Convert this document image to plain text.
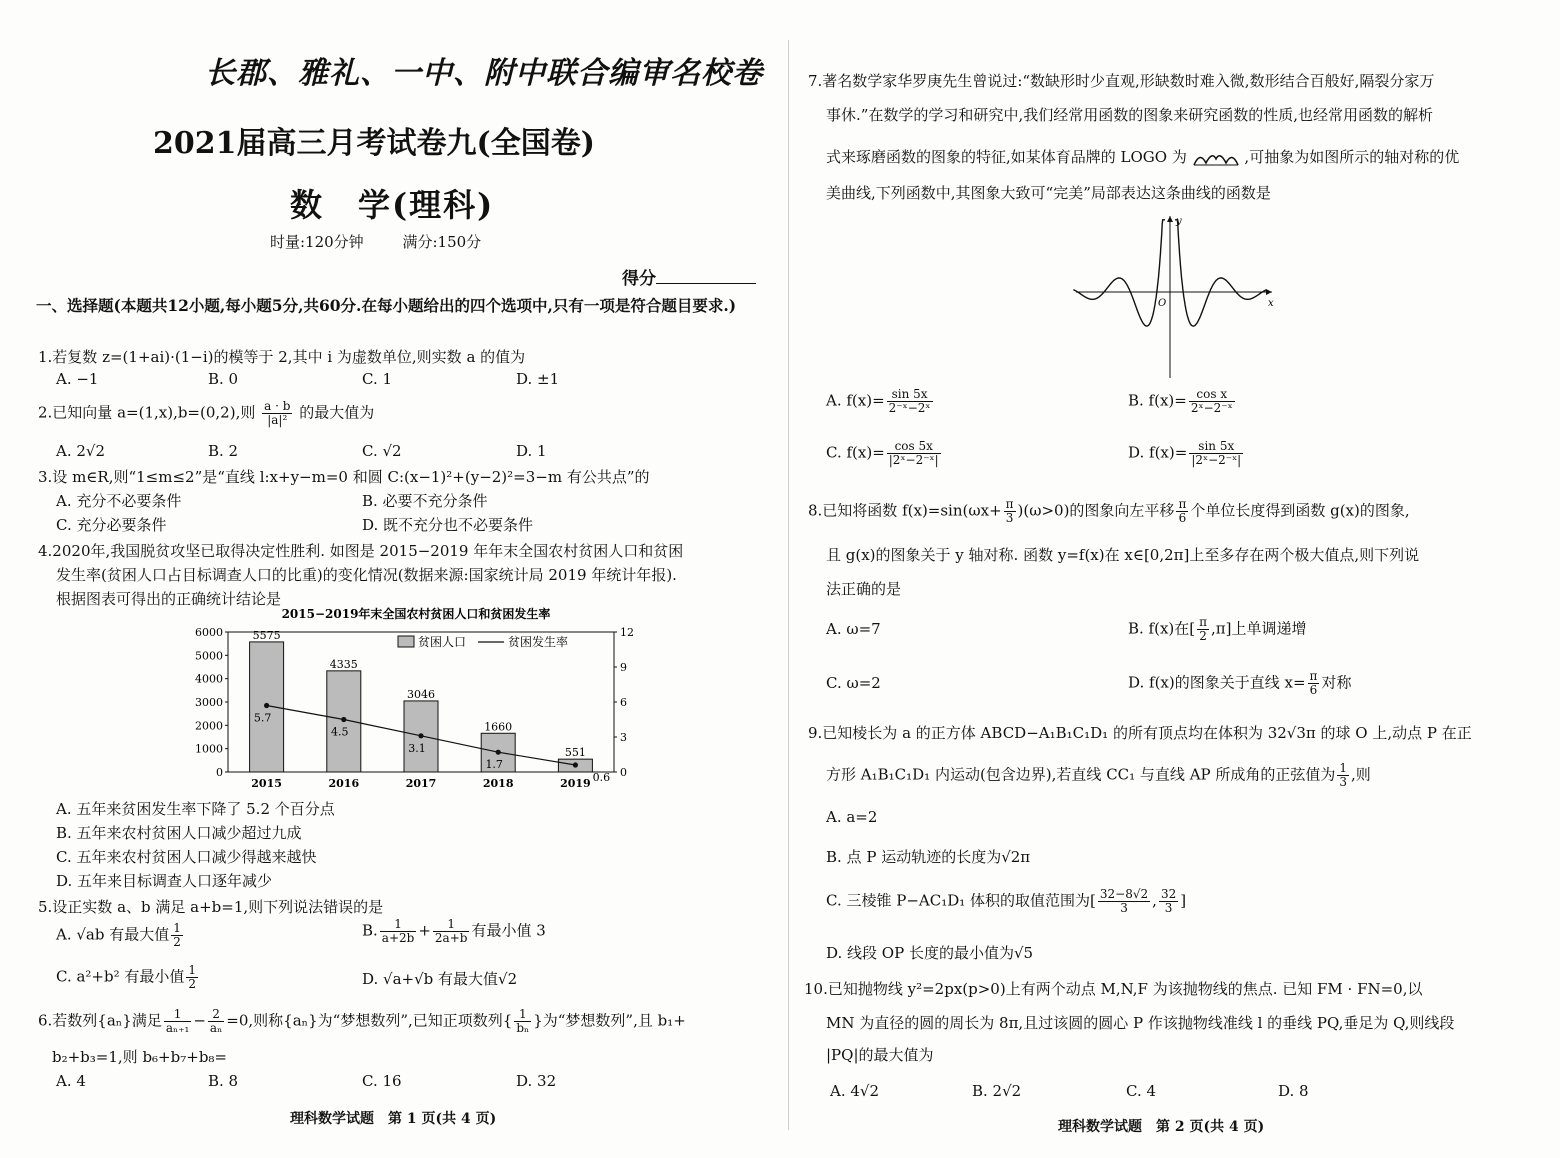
长郡、雅礼、一中、附中联合编审名校卷
2021届高三月考试卷九(全国卷)
数　学(理科)
时量:120分钟	满分:150分
得分
一、选择题(本题共12小题,每小题5分,共60分.在每小题给出的四个选项中,只有一项是符合题目要求.)
1.若复数 z=(1+ai)·(1−i)的模等于 2,其中 i 为虚数单位,则实数 a 的值为
A. −1	B. 0	C. 1	D. ±1
2.已知向量 a=(1,x),b=(0,2),则 $\frac{a \cdot b}{\text{|a|²}}$ 的最大值为
A. 2√2	B. 2	C. √2	D. 1
3.设 m∈R,则“1≤m≤2”是“直线 l:x+y−m=0 和圆 C:(x−1)²+(y−2)²=3−m 有公共点”的
A. 充分不必要条件	B. 必要不充分条件
C. 充分必要条件	D. 既不充分也不必要条件
4.2020年,我国脱贫攻坚已取得决定性胜利. 如图是 2015−2019 年年末全国农村贫困人口和贫困
发生率(贫困人口占目标调查人口的比重)的变化情况(数据来源:国家统计局 2019 年统计年报).
根据图表可得出的正确统计结论是
2015−2019年末全国农村贫困人口和贫困发生率
0
1000
2000
3000
4000
5000
6000
0
3
6
9
12
2015	2016	2017	2018	2019
5575
4335
3046
1660
551
5.7
4.5
3.1
1.7
0.6
贫困人口	贫困发生率
A. 五年来贫困发生率下降了 5.2 个百分点
B. 五年来农村贫困人口减少超过九成
C. 五年来农村贫困人口减少得越来越快
D. 五年来目标调查人口逐年减少
5.设正实数 a、b 满足 a+b=1,则下列说法错误的是
A. √ab 有最大值 $\frac{1}{2}$	B. $\frac{1}{a+2b} + \frac{1}{2a+b}$ 有最小值 3
C. a²+b² 有最小值 $\frac{1}{2}$	D. √a+√b 有最大值√2
6.若数列{aₙ}满足 $\frac{1}{\text{aₙ₊₁}} - \frac{2}{\text{aₙ}} =0$,则称{aₙ}为“梦想数列”,已知正项数列{ $\frac{1}{\text{bₙ}}$ }为“梦想数列”,且 b₁+
b₂+b₃=1,则 b₆+b₇+b₈=
A. 4	B. 8	C. 16	D. 32
理科数学试题　第 1 页(共 4 页)
7.著名数学家华罗庚先生曾说过:“数缺形时少直观,形缺数时难入微,数形结合百般好,隔裂分家万
事休.”在数学的学习和研究中,我们经常用函数的图象来研究函数的性质,也经常用函数的解析
式来琢磨函数的图象的特征,如某体育品牌的 LOGO 为	,可抽象为如图所示的轴对称的优
美曲线,下列函数中,其图象大致可“完美”局部表达这条曲线的函数是
y
x
O
A. $f(x)= \frac{\sin 5x}{\text{2⁻ˣ−2ˣ}}$	B. $f(x)= \frac{\text{cos x}}{\text{2ˣ−2⁻ˣ}}$
C. $f(x)= \frac{\cos 5x}{\text{|2ˣ−2⁻ˣ|}}$	D. $f(x)= \frac{\sin 5x}{\text{|2ˣ−2⁻ˣ|}}$
8.已知将函数 $f(x)=\sin(\omega x+ \frac{\pi}{3} )(\omega>0)$的图象向左平移 $\frac{\pi}{6}$ 个单位长度得到函数 g(x)的图象,
且 g(x)的图象关于 y 轴对称. 函数 y=f(x)在 x∈[0,2π]上至多存在两个极大值点,则下列说
法正确的是
A. ω=7	B. f(x)在[ $\frac{\pi}{2} ,\pi$]上单调递增
C. ω=2	D. f(x)的图象关于直线 $x= \frac{\pi}{6}$ 对称
9.已知棱长为 a 的正方体 ABCD−A₁B₁C₁D₁ 的所有顶点均在体积为 32√3π 的球 O 上,动点 P 在正
方形 A₁B₁C₁D₁ 内运动(包含边界),若直线 CC₁ 与直线 AP 所成角的正弦值为 $\frac{1}{3}$ ,则
A. a=2
B. 点 P 运动轨迹的长度为√2π
C. 三棱锥 P−AC₁D₁ 体积的取值范围为[ $\frac{32-8√2}{3}$ , $\frac{32}{3}$ ]
D. 线段 OP 长度的最小值为√5
10.已知抛物线 y²=2px(p>0)上有两个动点 M,N,F 为该抛物线的焦点. 已知 FM · FN=0,以
MN 为直径的圆的周长为 8π,且过该圆的圆心 P 作该抛物线准线 l 的垂线 PQ,垂足为 Q,则线段
|PQ|的最大值为
A. 4√2	B. 2√2	C. 4	D. 8
理科数学试题　第 2 页(共 4 页)
